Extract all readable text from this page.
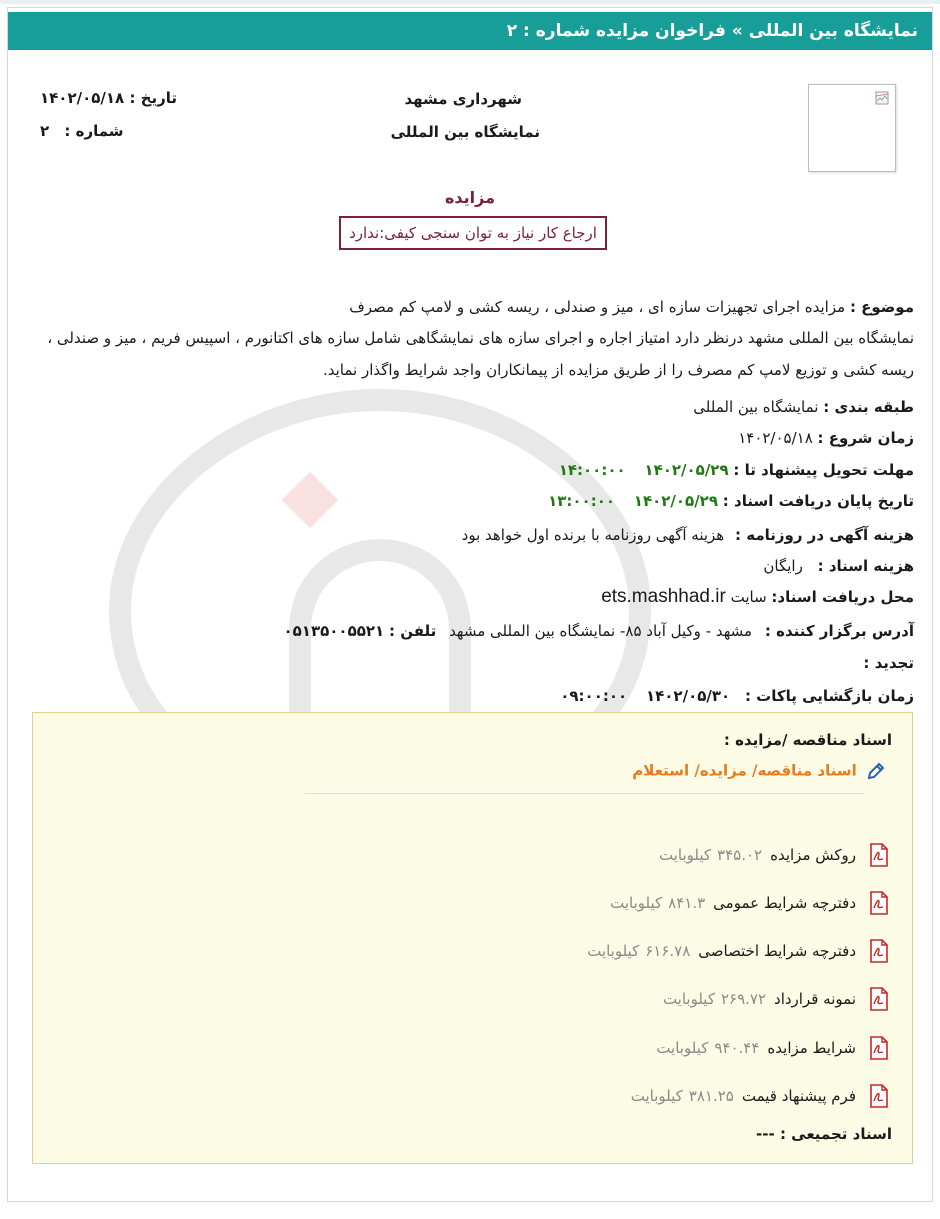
نمایشگاه بین المللی » فراخوان مزایده شماره : ۲
تاریخ : ۱۴۰۲/۰۵/۱۸
شماره : ۲
شهرداری مشهد
نمایشگاه بین المللی
مزایده
ارجاع کار نیاز به توان سنجی کیفی:ندارد
موضوع : مزایده اجرای تجهیزات سازه ای ، میز و صندلی ، ریسه کشی و لامپ کم مصرف
نمایشگاه بین المللی مشهد درنظر دارد امتیاز اجاره و اجرای سازه های نمایشگاهی شامل سازه های اکتانورم ، اسپیس فریم ، میز و صندلی ، ریسه کشی و توزیع لامپ کم مصرف را از طریق مزایده از پیمانکاران واجد شرایط واگذار نماید.
طبقه بندی : نمایشگاه بین المللی
زمان شروع : ۱۴۰۲/۰۵/۱۸
مهلت تحویل پیشنهاد تا : ۱۴۰۲/۰۵/۲۹ ۱۴:۰۰:۰۰
تاریخ پایان دریافت اسناد : ۱۴۰۲/۰۵/۲۹ ۱۳:۰۰:۰۰
هزینه آگهی در روزنامه : هزینه آگهی روزنامه با برنده اول خواهد بود
هزینه اسناد : رایگان
محل دریافت اسناد: سایت ets.mashhad.ir
آدرس برگزار کننده : مشهد - وکیل آباد ۸۵- نمایشگاه بین المللی مشهد تلفن : ۰۵۱۳۵۰۰۵۵۲۱
تجدید :
زمان بازگشایی پاکات : ۱۴۰۲/۰۵/۳۰ ۰۹:۰۰:۰۰
اسناد مناقصه /مزایده :
اسناد مناقصه/ مزایده/ استعلام
روکش مزایده۳۴۵.۰۲کیلوبایت
دفترچه شرایط عمومی۸۴۱.۳کیلوبایت
دفترچه شرایط اختصاصی۶۱۶.۷۸کیلوبایت
نمونه قرارداد۲۶۹.۷۲کیلوبایت
شرایط مزایده۹۴۰.۴۴کیلوبایت
فرم پیشنهاد قیمت۳۸۱.۲۵کیلوبایت
اسناد تجمیعی : ---
